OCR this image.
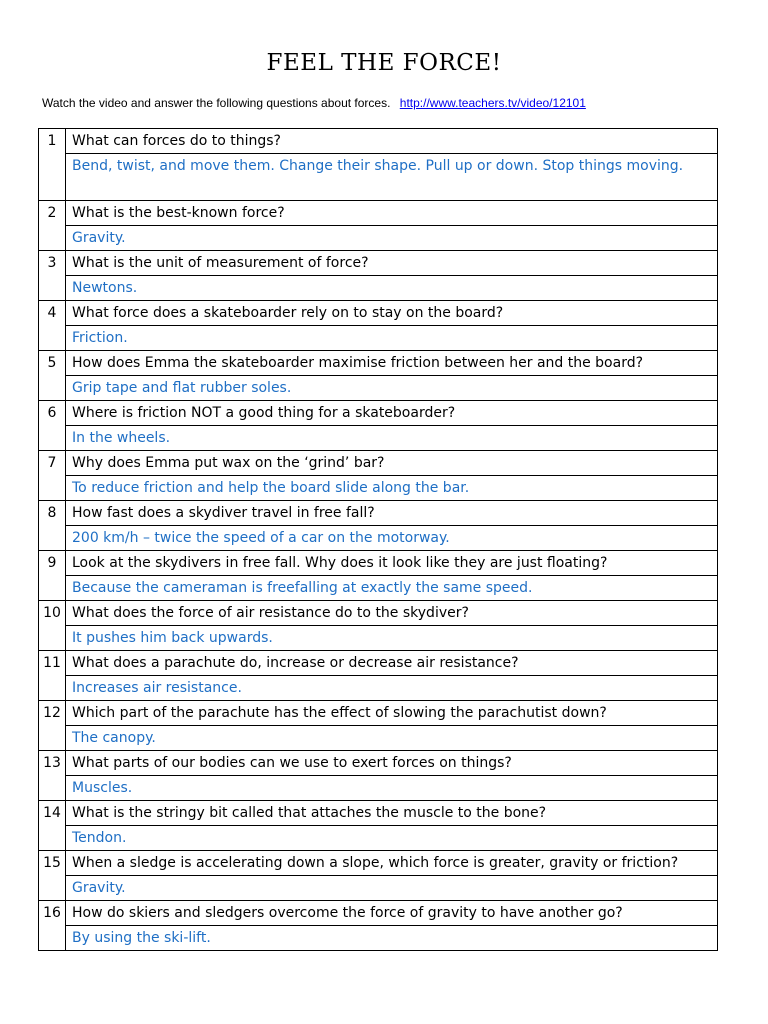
FEEL THE FORCE!
Watch the video and answer the following questions about forces. http://www.teachers.tv/video/12101
1	What can forces do to things?
	Bend, twist, and move them. Change their shape. Pull up or down. Stop things moving.
2	What is the best-known force?
	Gravity.
3	What is the unit of measurement of force?
	Newtons.
4	What force does a skateboarder rely on to stay on the board?
	Friction.
5	How does Emma the skateboarder maximise friction between her and the board?
	Grip tape and flat rubber soles.
6	Where is friction NOT a good thing for a skateboarder?
	In the wheels.
7	Why does Emma put wax on the ‘grind’ bar?
	To reduce friction and help the board slide along the bar.
8	How fast does a skydiver travel in free fall?
	200 km/h – twice the speed of a car on the motorway.
9	Look at the skydivers in free fall. Why does it look like they are just floating?
	Because the cameraman is freefalling at exactly the same speed.
10	What does the force of air resistance do to the skydiver?
	It pushes him back upwards.
11	What does a parachute do, increase or decrease air resistance?
	Increases air resistance.
12	Which part of the parachute has the effect of slowing the parachutist down?
	The canopy.
13	What parts of our bodies can we use to exert forces on things?
	Muscles.
14	What is the stringy bit called that attaches the muscle to the bone?
	Tendon.
15	When a sledge is accelerating down a slope, which force is greater, gravity or friction?
	Gravity.
16	How do skiers and sledgers overcome the force of gravity to have another go?
	By using the ski-lift.
